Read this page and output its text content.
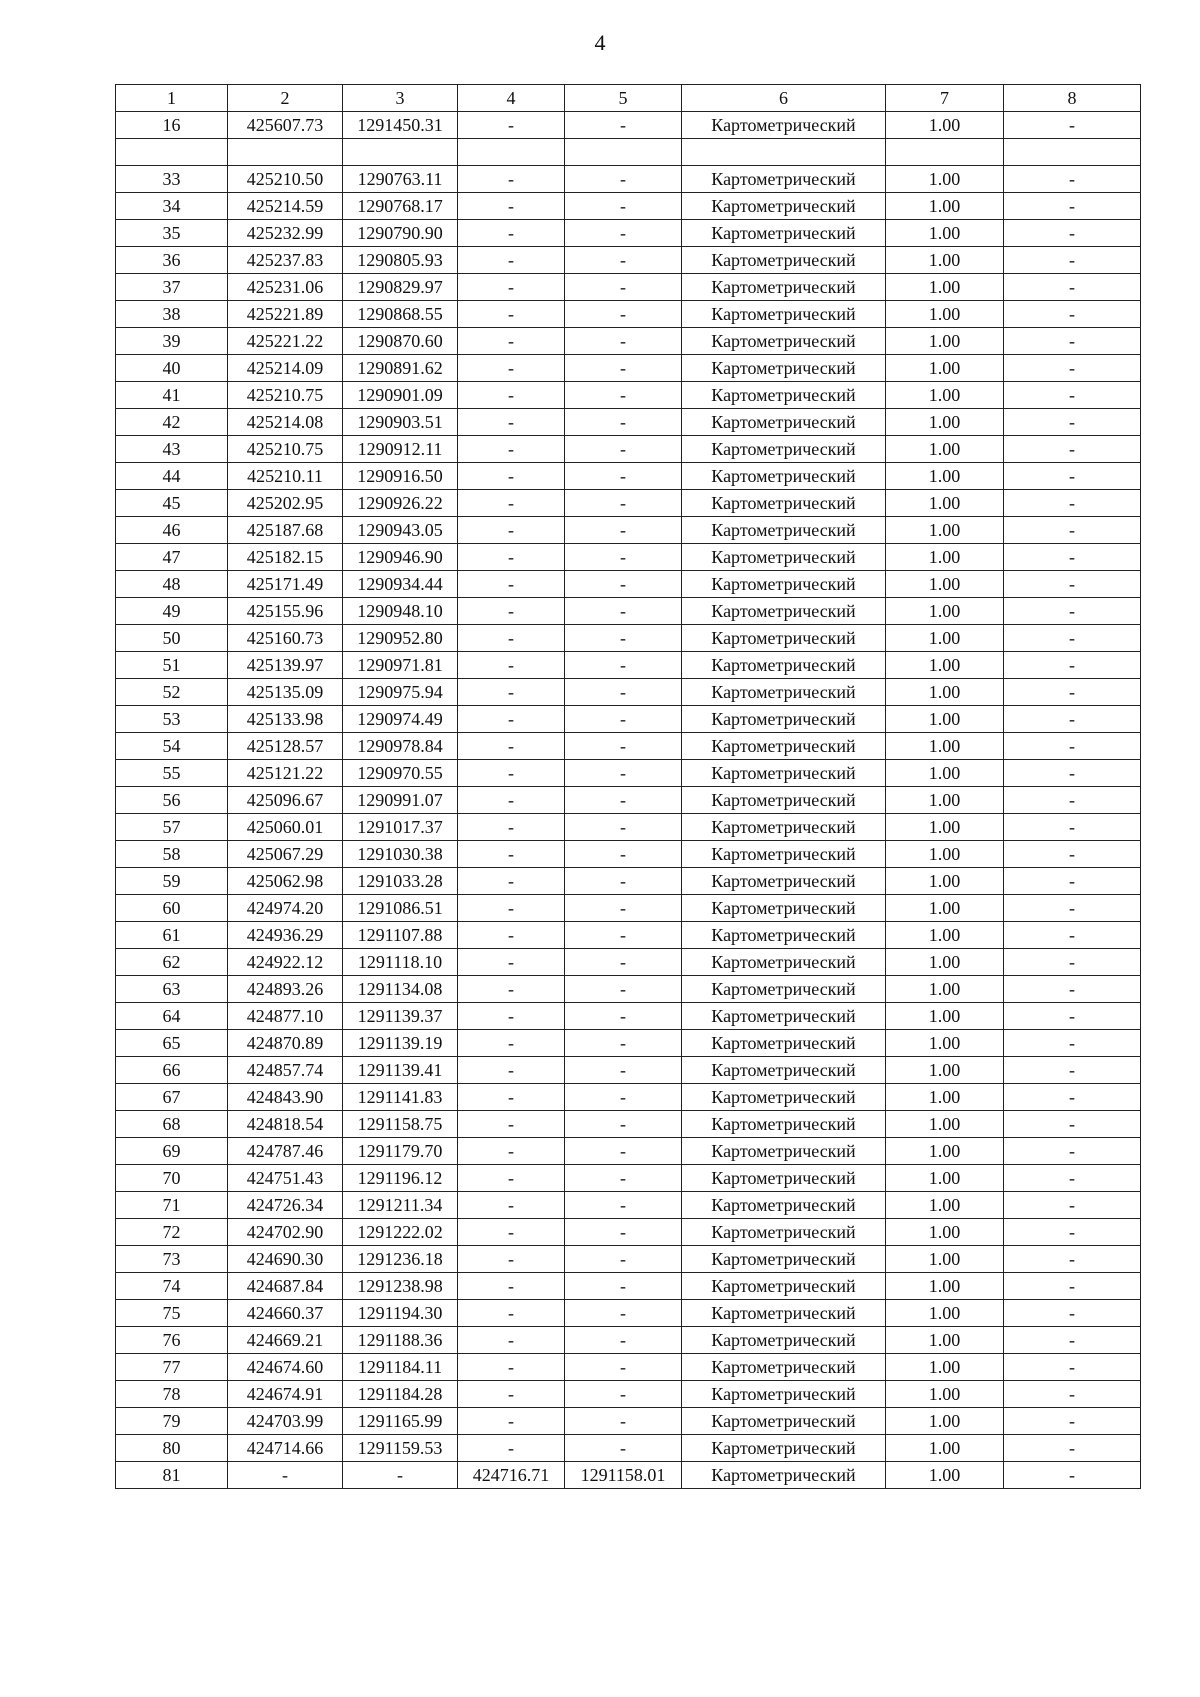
4
1	2	3	4	5	6	7	8
16	425607.73	1291450.31	-	-	Картометрический	1.00	-

33	425210.50	1290763.11	-	-	Картометрический	1.00	-
34	425214.59	1290768.17	-	-	Картометрический	1.00	-
35	425232.99	1290790.90	-	-	Картометрический	1.00	-
36	425237.83	1290805.93	-	-	Картометрический	1.00	-
37	425231.06	1290829.97	-	-	Картометрический	1.00	-
38	425221.89	1290868.55	-	-	Картометрический	1.00	-
39	425221.22	1290870.60	-	-	Картометрический	1.00	-
40	425214.09	1290891.62	-	-	Картометрический	1.00	-
41	425210.75	1290901.09	-	-	Картометрический	1.00	-
42	425214.08	1290903.51	-	-	Картометрический	1.00	-
43	425210.75	1290912.11	-	-	Картометрический	1.00	-
44	425210.11	1290916.50	-	-	Картометрический	1.00	-
45	425202.95	1290926.22	-	-	Картометрический	1.00	-
46	425187.68	1290943.05	-	-	Картометрический	1.00	-
47	425182.15	1290946.90	-	-	Картометрический	1.00	-
48	425171.49	1290934.44	-	-	Картометрический	1.00	-
49	425155.96	1290948.10	-	-	Картометрический	1.00	-
50	425160.73	1290952.80	-	-	Картометрический	1.00	-
51	425139.97	1290971.81	-	-	Картометрический	1.00	-
52	425135.09	1290975.94	-	-	Картометрический	1.00	-
53	425133.98	1290974.49	-	-	Картометрический	1.00	-
54	425128.57	1290978.84	-	-	Картометрический	1.00	-
55	425121.22	1290970.55	-	-	Картометрический	1.00	-
56	425096.67	1290991.07	-	-	Картометрический	1.00	-
57	425060.01	1291017.37	-	-	Картометрический	1.00	-
58	425067.29	1291030.38	-	-	Картометрический	1.00	-
59	425062.98	1291033.28	-	-	Картометрический	1.00	-
60	424974.20	1291086.51	-	-	Картометрический	1.00	-
61	424936.29	1291107.88	-	-	Картометрический	1.00	-
62	424922.12	1291118.10	-	-	Картометрический	1.00	-
63	424893.26	1291134.08	-	-	Картометрический	1.00	-
64	424877.10	1291139.37	-	-	Картометрический	1.00	-
65	424870.89	1291139.19	-	-	Картометрический	1.00	-
66	424857.74	1291139.41	-	-	Картометрический	1.00	-
67	424843.90	1291141.83	-	-	Картометрический	1.00	-
68	424818.54	1291158.75	-	-	Картометрический	1.00	-
69	424787.46	1291179.70	-	-	Картометрический	1.00	-
70	424751.43	1291196.12	-	-	Картометрический	1.00	-
71	424726.34	1291211.34	-	-	Картометрический	1.00	-
72	424702.90	1291222.02	-	-	Картометрический	1.00	-
73	424690.30	1291236.18	-	-	Картометрический	1.00	-
74	424687.84	1291238.98	-	-	Картометрический	1.00	-
75	424660.37	1291194.30	-	-	Картометрический	1.00	-
76	424669.21	1291188.36	-	-	Картометрический	1.00	-
77	424674.60	1291184.11	-	-	Картометрический	1.00	-
78	424674.91	1291184.28	-	-	Картометрический	1.00	-
79	424703.99	1291165.99	-	-	Картометрический	1.00	-
80	424714.66	1291159.53	-	-	Картометрический	1.00	-
81	-	-	424716.71	1291158.01	Картометрический	1.00	-
